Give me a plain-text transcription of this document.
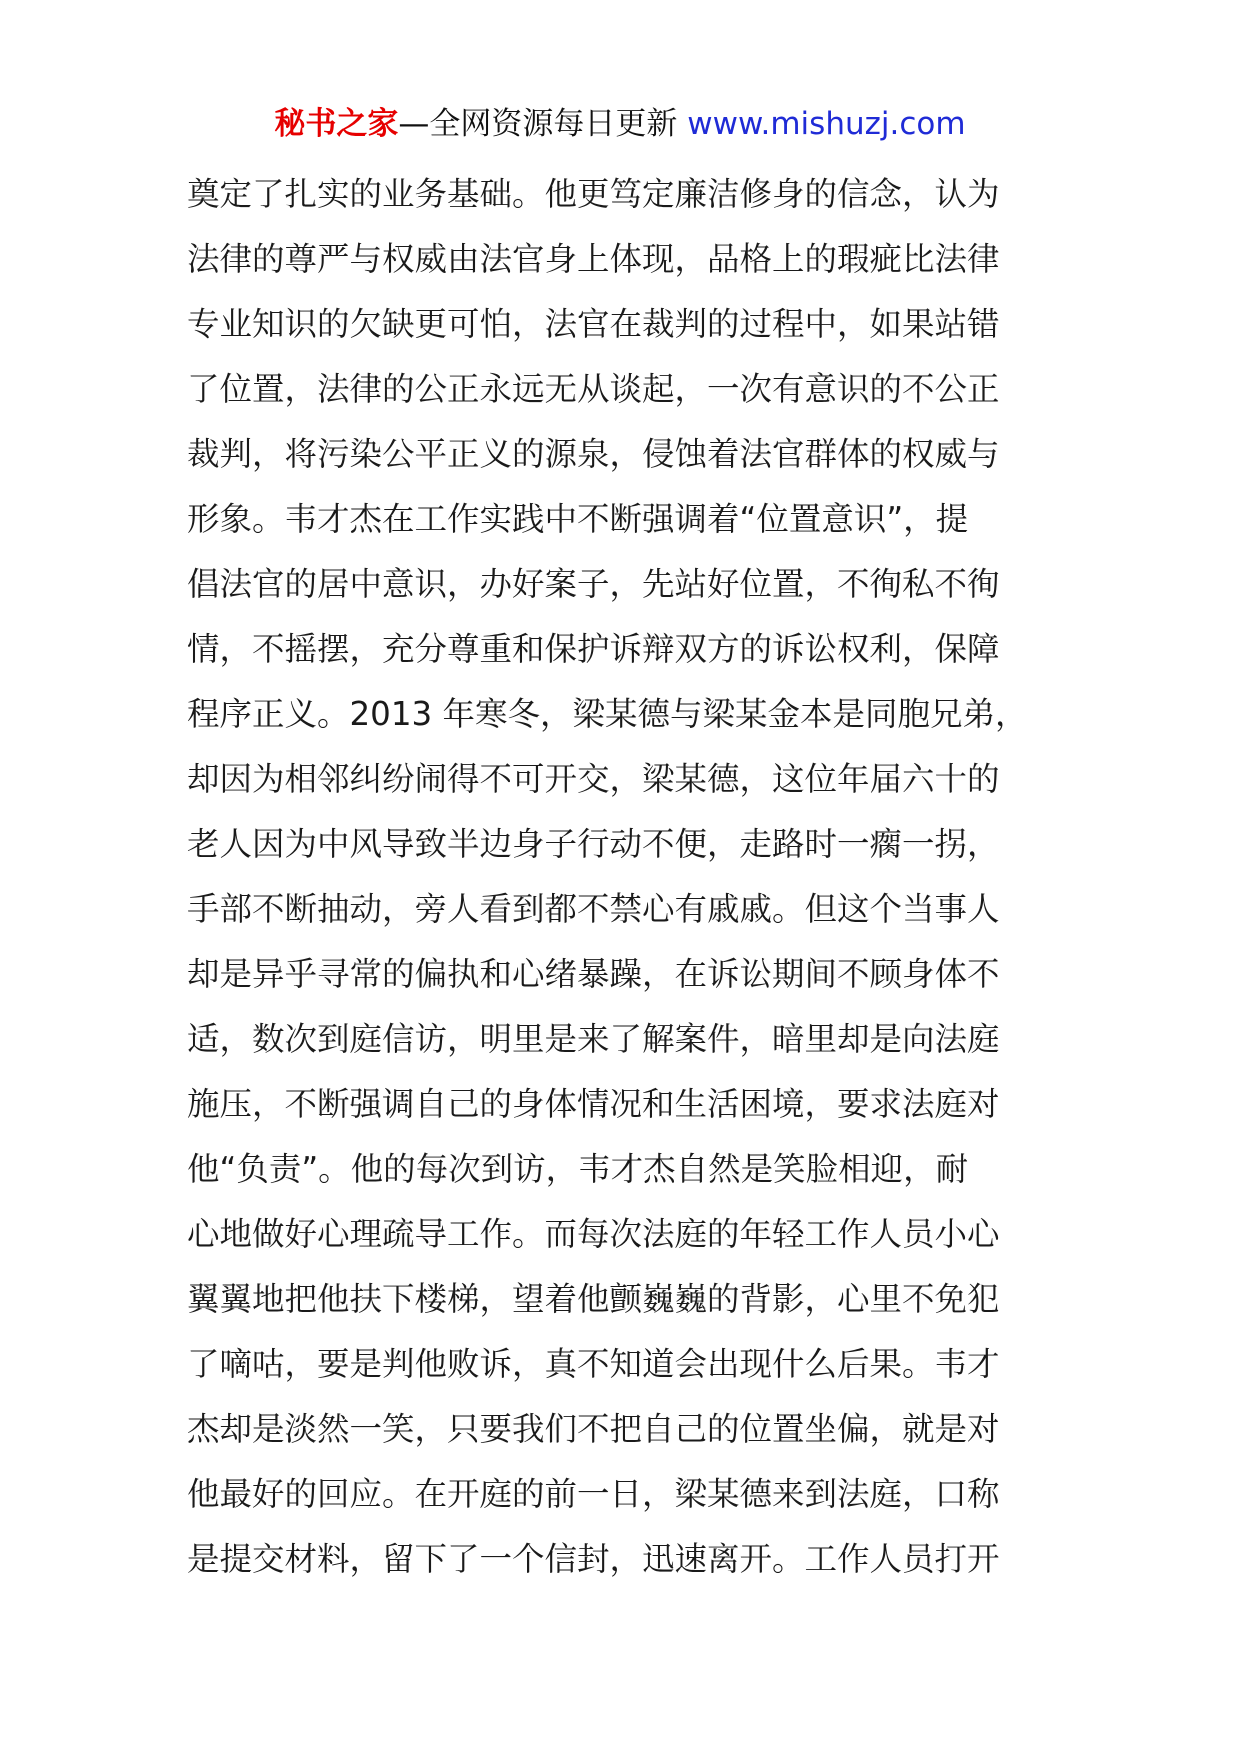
秘书之家—全网资源每日更新 www.mishuzj.com
奠定了扎实的业务基础。他更笃定廉洁修身的信念，认为
法律的尊严与权威由法官身上体现，品格上的瑕疵比法律
专业知识的欠缺更可怕，法官在裁判的过程中，如果站错
了位置，法律的公正永远无从谈起，一次有意识的不公正
裁判，将污染公平正义的源泉，侵蚀着法官群体的权威与
形象。韦才杰在工作实践中不断强调着“位置意识”，提
倡法官的居中意识，办好案子，先站好位置，不徇私不徇
情，不摇摆，充分尊重和保护诉辩双方的诉讼权利，保障
程序正义。2013 年寒冬，梁某德与梁某金本是同胞兄弟，
却因为相邻纠纷闹得不可开交，梁某德，这位年届六十的
老人因为中风导致半边身子行动不便，走路时一瘸一拐，
手部不断抽动，旁人看到都不禁心有戚戚。但这个当事人
却是异乎寻常的偏执和心绪暴躁，在诉讼期间不顾身体不
适，数次到庭信访，明里是来了解案件，暗里却是向法庭
施压，不断强调自己的身体情况和生活困境，要求法庭对
他“负责”。他的每次到访，韦才杰自然是笑脸相迎，耐
心地做好心理疏导工作。而每次法庭的年轻工作人员小心
翼翼地把他扶下楼梯，望着他颤巍巍的背影，心里不免犯
了嘀咕，要是判他败诉，真不知道会出现什么后果。韦才
杰却是淡然一笑，只要我们不把自己的位置坐偏，就是对
他最好的回应。在开庭的前一日，梁某德来到法庭，口称
是提交材料，留下了一个信封，迅速离开。工作人员打开
